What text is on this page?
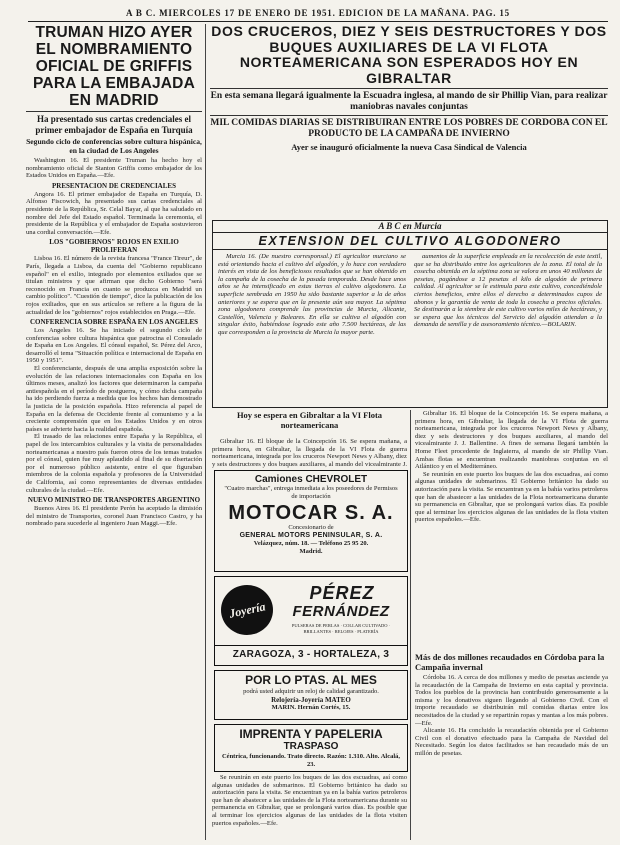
A B C. MIERCOLES 17 DE ENERO DE 1951. EDICION DE LA MAÑANA. PAG. 15

TRUMAN HIZO AYER EL NOMBRAMIENTO OFICIAL DE GRIFFIS PARA LA EMBAJADA EN MADRID

Ha presentado sus cartas credenciales el primer embajador de España en Turquía

Segundo ciclo de conferencias sobre cultura hispánica, en la ciudad de Los Angeles

Washington 16. El presidente Truman ha hecho hoy el nombramiento oficial de Stanton Griffis como embajador de los Estados Unidos en España.—Efe.

PRESENTACION DE CREDENCIALES

Angora 16. El primer embajador de España en Turquía, D. Alfonso Fiscowich, ha presentado sus cartas credenciales al presidente de la República, Sr. Celal Bayar, al que ha saludado en nombre del Jefe del Estado español. Terminada la ceremonia, el presidente de la República y el embajador de España sostuvieron una cordial conversación.—Efe.

LOS "GOBIERNOS" ROJOS EN EXILIO PROLIFERAN

Lisboa 16. El número de la revista francesa "France Tireur", de París, llegada a Lisboa, da cuenta del "Gobierno republicano español" en el exilio, integrado por elementos exiliados que se titulan ministros y que afirman que dicho Gobierno "será reconocido en Francia en cuanto se produzca en Madrid un cambio político". "Cuestión de tiempo", dice la publicación de los rojos exiliados, que en sus artículos se refiere a la figura de la actualidad de los "gobiernos" rojos establecidos en Praga.—Efe.

CONFERENCIA SOBRE ESPAÑA EN LOS ANGELES

Los Angeles 16. Se ha iniciado el segundo ciclo de conferencias sobre cultura hispánica que patrocina el Consulado de España en Los Angeles. El cónsul español, Sr. Pérez del Arco, desarrolló el tema "Situación política e internacional de España en 1950 y 1951".

El conferenciante, después de una amplia exposición sobre la evolución de las relaciones internacionales con España en los últimos meses, analizó los factores que determinaron la campaña antiespañola en el período de postguerra, y cómo dicha campaña ha ido perdiendo fuerza a medida que los hechos han demostrado la justicia de la posición española. Hizo referencia al papel de España en la defensa de Occidente frente al comunismo y a la creciente comprensión que en los Estados Unidos y en otros países se advierte hacia la realidad española.

El trasado de las relaciones entre España y la República, el papel de los intercambios culturales y la visita de personalidades norteamericanas a nuestro país fueron otros de los temas tratados por el cónsul, quien fue muy aplaudido al final de su disertación por el numeroso público asistente, entre el que figuraban miembros de la colonia española y profesores de la Universidad de California, así como representantes de diversas entidades culturales de la ciudad.—Efe.

NUEVO MINISTRO DE TRANSPORTES ARGENTINO

Buenos Aires 16. El presidente Perón ha aceptado la dimisión del ministro de Transportes, coronel Juan Francisco Castro, y ha nombrado para sucederle al ingeniero Juan Maggi.—Efe.

DOS CRUCEROS, DIEZ Y SEIS DESTRUCTORES Y DOS BUQUES AUXILIARES DE LA VI FLOTA NORTEAMERICANA SON ESPERADOS HOY EN GIBRALTAR

En esta semana llegará igualmente la Escuadra inglesa, al mando de sir Phillip Vian, para realizar maniobras navales conjuntas

MIL COMIDAS DIARIAS SE DISTRIBUIRAN ENTRE LOS POBRES DE CORDOBA CON EL PRODUCTO DE LA CAMPAÑA DE INVIERNO

Ayer se inauguró oficialmente la nueva Casa Sindical de Valencia

A B C en Murcia
EXTENSION DEL CULTIVO ALGODONERO

Murcia 16. (De nuestro corresponsal.) El agricultor murciano se está orientando hacia el cultivo del algodón, y lo hace con verdadero interés en vista de los beneficiosos resultados que se han obtenido en la campaña de la cosecha de la pasada temporada. Desde hace unos años se ha intensificado en estas tierras el cultivo algodonero. La superficie sembrada en 1950 ha sido bastante superior a la de años anteriores y se espera que en la presente aún sea mayor. La séptima zona algodonera comprende las provincias de Murcia, Alicante, Castellón, Valencia y Baleares. En ella se cultiva el algodón con singular éxito, habiéndose logrado este año 7.500 hectáreas, de las que corresponden a la provincia de Murcia la mayor parte.

aumentos de la superficie empleada en la recolección de este textil, que se ha distribuido entre los agricultores de la zona. El total de la cosecha obtenida en la séptima zona se valora en unos 40 millones de pesetas, pagándose a 12 pesetas el kilo de algodón de primera calidad. Al agricultor se le estimula para este cultivo, concediéndole ciertos beneficios, entre ellos el derecho a determinados cupos de abonos y la garantía de venta de toda la cosecha a precios oficiales. Se destinarán a la siembra de este cultivo varios miles de hectáreas, y se espera que los técnicos del Servicio del algodón atiendan a la demanda de semilla y de asesoramiento técnico.—BOLARIN.

Hoy se espera en Gibraltar a la VI Flota norteamericana

Gibraltar 16. El bloque de la Coincepción 16. Se espera mañana, a primera hora, en Gibraltar, la llegada de la VI Flota de guerra norteamericana, integrada por los cruceros Newport News y Albany, diez y seis destructores y dos buques auxiliares, al mando del vicealmirante J.

Camiones CHEVROLET
"Cuatro marchas", entrega inmediata a los poseedores de Permisos de importación
MOTOCAR S. A.
Concesionario de
GENERAL MOTORS PENINSULAR, S. A.
Velázquez, núm. 18. — Teléfono 25 95 20.
Madrid.
Joyería
PÉREZ
FERNÁNDEZ
PULSERAS DE PERLAS · COLLAR CULTIVADO · BRILLANTES · RELOJES · PLATERÍA
ZARAGOZA, 3 - HORTALEZA, 3
POR LO PTAS. AL MES
podrá usted adquirir un reloj de calidad garantizado.
Relojería-Joyería MATEO
MARIN. Hernán Cortés, 15.
IMPRENTA Y PAPELERIA
TRASPASO
Céntrica, funcionando. Trato directo. Razón: 1.310. Alto. Alcalá, 23.

Se reunirán en este puerto los buques de las dos escuadras, así como algunas unidades de submarinos. El Gobierno británico ha dado su autorización para la visita. Se encuentran ya en la bahía varios petroleros que han de abastecer a las unidades de la Flota norteamericana durante su permanencia en Gibraltar, que se prolongará varios días. Es posible que al terminar los ejercicios algunas de las unidades de la flota visiten puertos españoles.—Efe.

Gibraltar 16. El bloque de la Coincepción 16. Se espera mañana, a primera hora, en Gibraltar, la llegada de la VI Flota de guerra norteamericana, integrada por los cruceros Newport News y Albany, diez y seis destructores y dos buques auxiliares, al mando del vicealmirante J. J. Ballentine. A fines de semana llegará también la Home Fleet procedente de Inglaterra, al mando de sir Phillip Vian. Ambas flotas se encuentran realizando maniobras conjuntas en el Atlántico y en el Mediterráneo.

Se reunirán en este puerto los buques de las dos escuadras, así como algunas unidades de submarinos. El Gobierno británico ha dado su autorización para la visita. Se encuentran ya en la bahía varios petroleros que han de abastecer a las unidades de la Flota norteamericana durante su permanencia en Gibraltar, que se prolongará varios días. Es posible que al terminar los ejercicios algunas de las unidades de la flota visiten puertos españoles.—Efe.

Más de dos millones recaudados en Córdoba para la Campaña invernal

Córdoba 16. A cerca de dos millones y medio de pesetas asciende ya la recaudación de la Campaña de Invierno en esta capital y provincia. Todos los pueblos de la provincia han contribuido generosamente a la misma y los donativos siguen llegando al Gobierno Civil. Con el importe recaudado se distribuirán mil comidas diarias entre los necesitados de la ciudad y se repartirán ropas y mantas a los más pobres.—Efe.

Alicante 16. Ha concluido la recaudación obtenida por el Gobierno Civil con el donativo efectuado para la Campaña de Navidad del Necesitado. Según los datos facilitados se han recaudado más de un millón de pesetas.
